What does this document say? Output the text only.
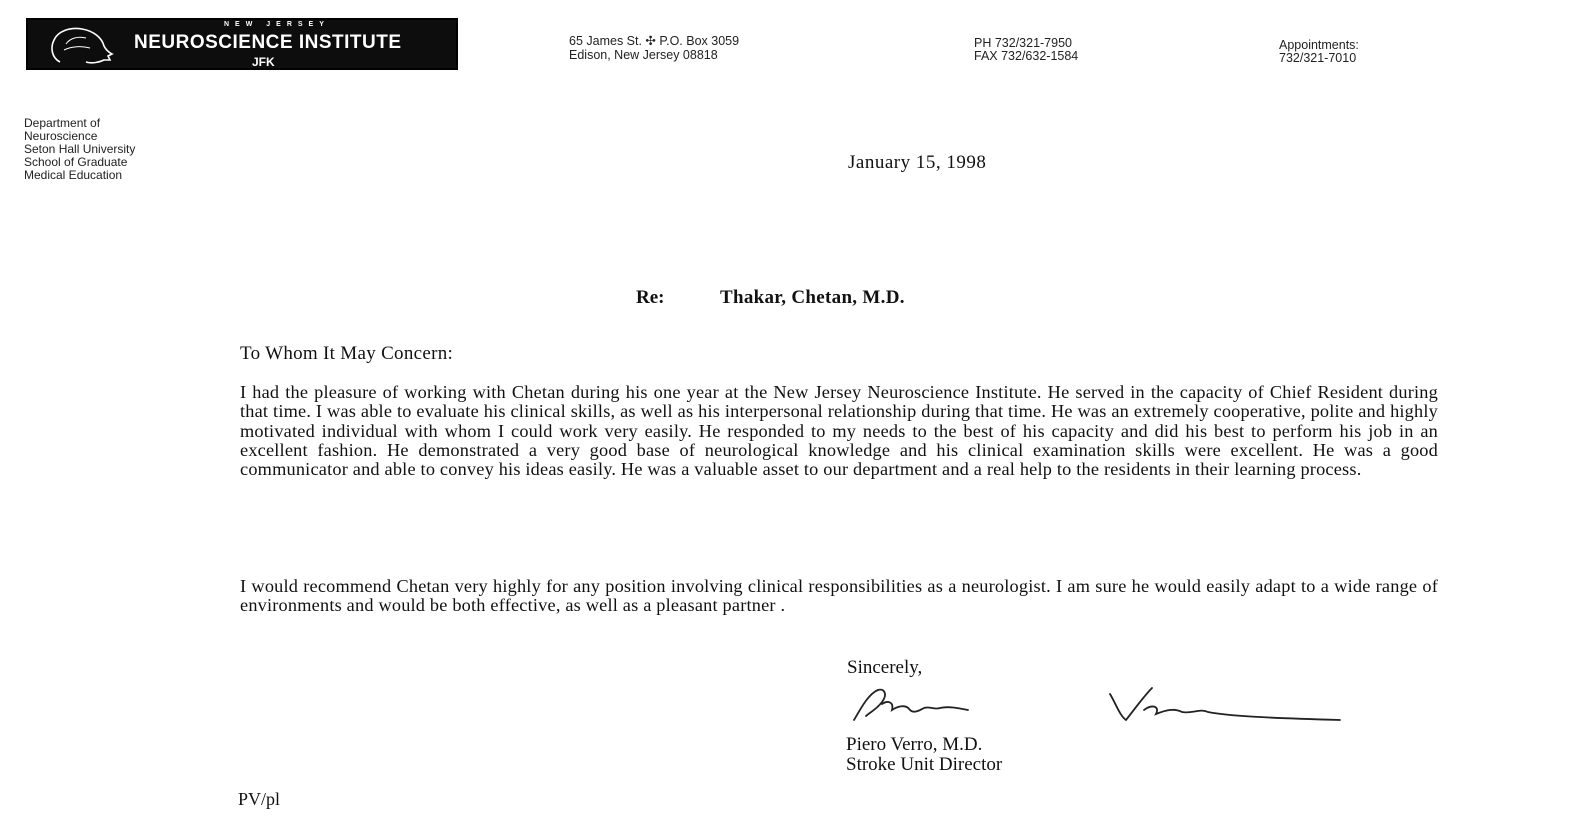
NEW JERSEY
NEUROSCIENCE INSTITUTE
JFK
65 James St. ✣ P.O. Box 3059
Edison, New Jersey 08818
PH 732/321-7950
FAX 732/632-1584
Appointments:
732/321-7010
Department of
Neuroscience
Seton Hall University
School of Graduate
Medical Education
January 15, 1998
Re:	Thakar, Chetan, M.D.
To Whom It May Concern:
I had the pleasure of working with Chetan during his one year at the New Jersey Neuroscience Institute. He served in the capacity of Chief Resident during that time. I was able to evaluate his clinical skills, as well as his interpersonal relationship during that time. He was an extremely cooperative, polite and highly motivated individual with whom I could work very easily. He responded to my needs to the best of his capacity and did his best to perform his job in an excellent fashion. He demonstrated a very good base of neurological knowledge and his clinical examination skills were excellent. He was a good communicator and able to convey his ideas easily. He was a valuable asset to our department and a real help to the residents in their learning process.
I would recommend Chetan very highly for any position involving clinical responsibilities as a neurologist. I am sure he would easily adapt to a wide range of environments and would be both effective, as well as a pleasant partner .
Sincerely,
Piero Verro, M.D.
Stroke Unit Director
PV/pl
